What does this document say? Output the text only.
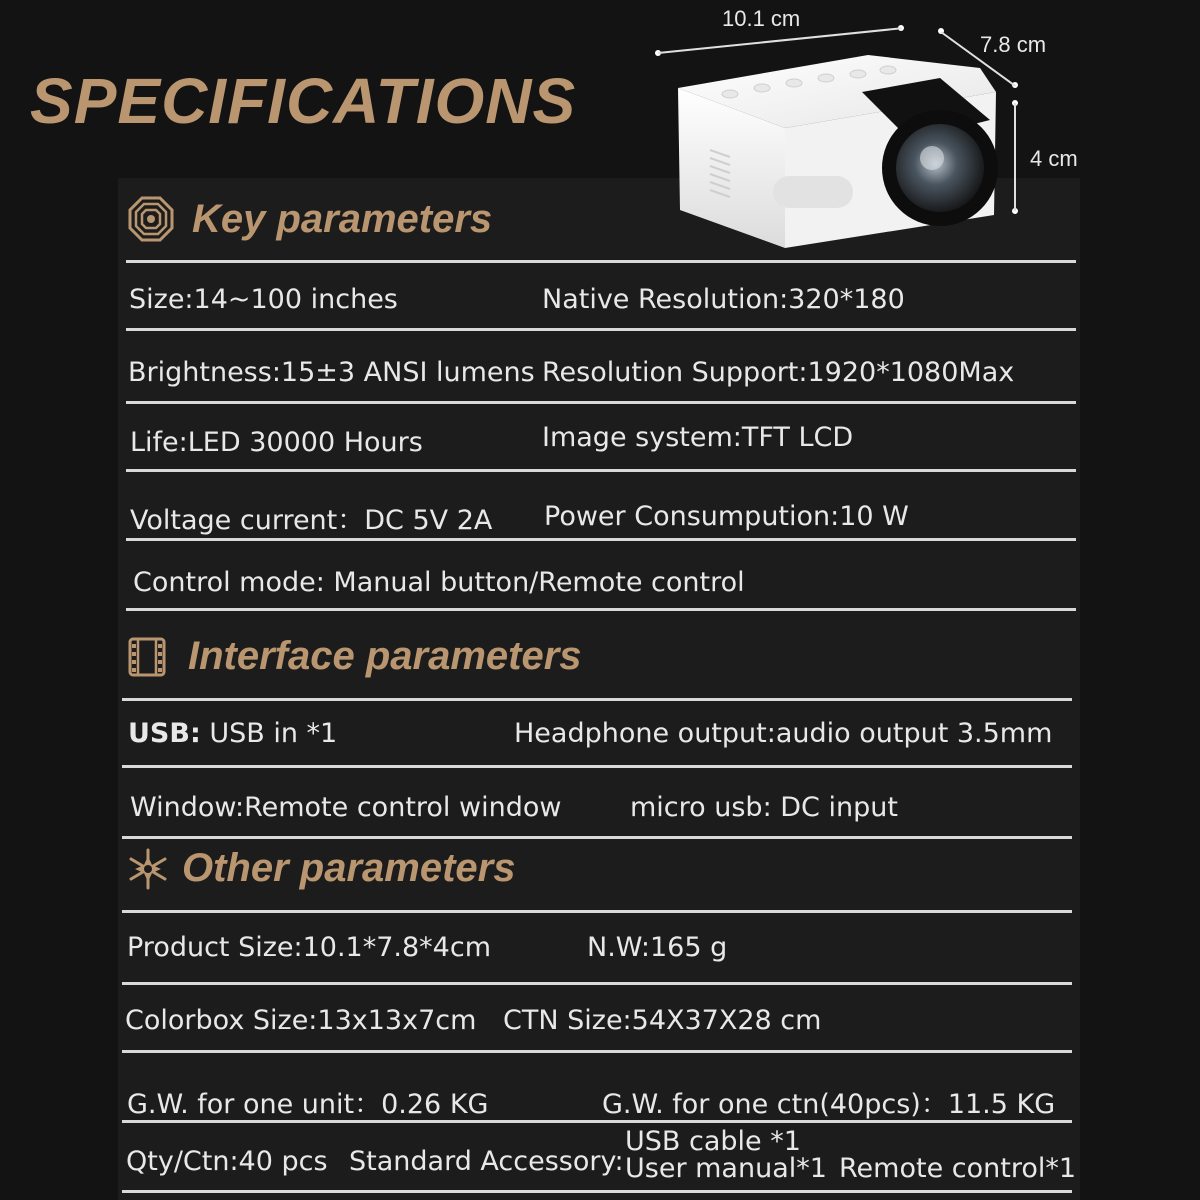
SPECIFICATIONS
10.1 cm
7.8 cm
4 cm
Key parameters
Size:14~100 inches	Native Resolution:320*180
Brightness:15±3 ANSI lumens Resolution Support:1920*1080Max
Life:LED 30000 Hours	Image system:TFT LCD
Voltage current：DC 5V 2A Power Consumpution:10 W
Control mode: Manual button/Remote control
Interface parameters
USB: USB in *1	Headphone output:audio output 3.5mm
Window:Remote control window	micro usb: DC input
Other parameters
Product Size:10.1*7.8*4cm	N.W:165 g
Colorbox Size:13x13x7cm CTN Size:54X37X28 cm
G.W. for one unit：0.26 KG	G.W. for one ctn(40pcs)：11.5 KG
Qty/Ctn:40 pcs Standard Accessory:
USB cable *1
User manual*1 Remote control*1
